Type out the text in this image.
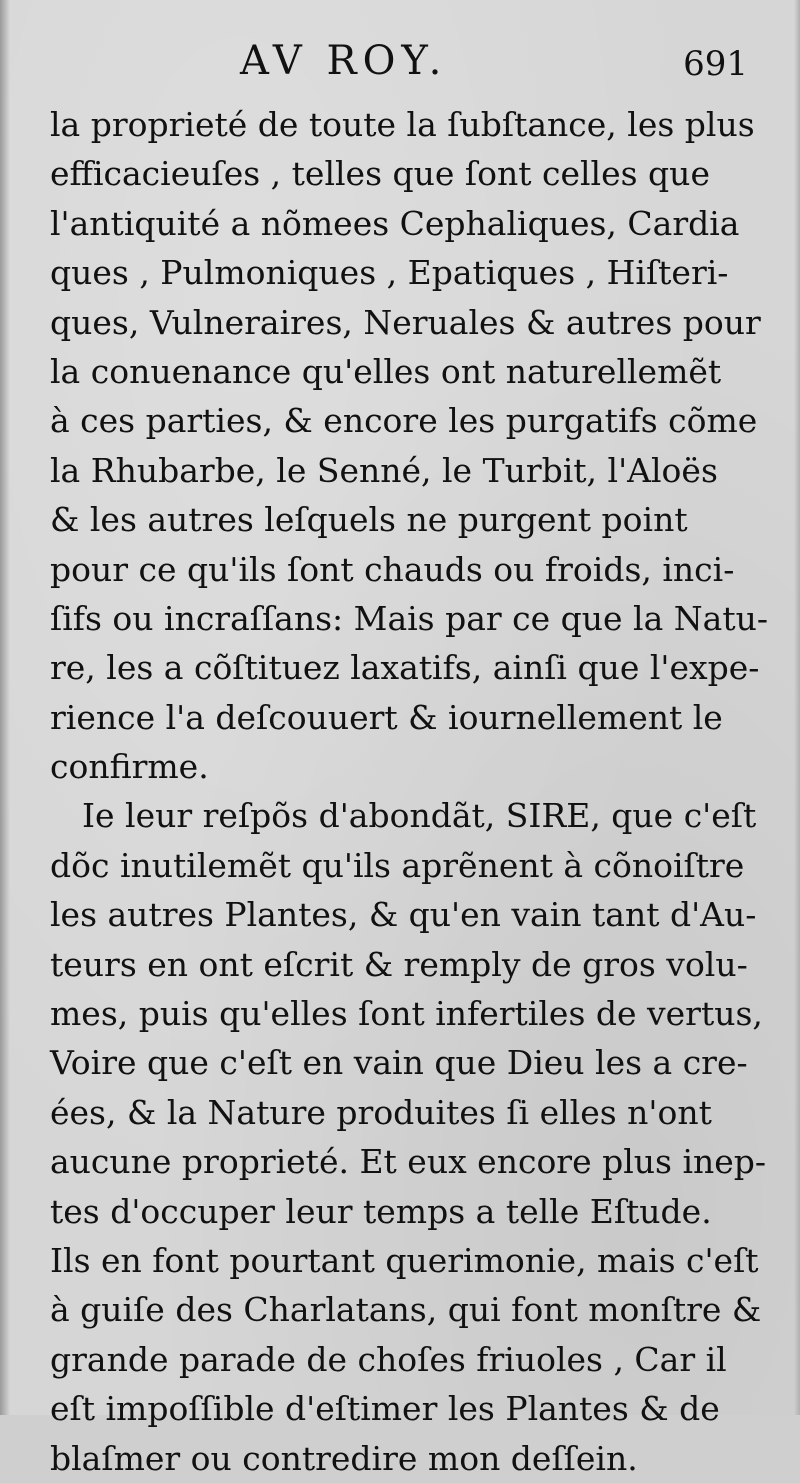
AV ROY.	691
la proprieté de toute la ſubſtance, les plus
efficacieuſes , telles que ſont celles que
l'antiquité a nõmees Cephaliques, Cardia
ques , Pulmoniques , Epatiques , Hiſteri-
ques, Vulneraires, Neruales & autres pour
la conuenance qu'elles ont naturellemẽt
à ces parties, & encore les purgatifs cõme
la Rhubarbe, le Senné, le Turbit, l'Aloës
& les autres leſquels ne purgent point
pour ce qu'ils ſont chauds ou froids, inci-
ſifs ou incraſſans: Mais par ce que la Natu-
re, les a cõſtituez laxatifs, ainſi que l'expe-
rience l'a deſcouuert & iournellement le
confirme.
Ie leur reſpõs d'abondãt, SIRE, que c'eſt
dõc inutilemẽt qu'ils aprẽnent à cõnoiſtre
les autres Plantes, & qu'en vain tant d'Au-
teurs en ont eſcrit & remply de gros volu-
mes, puis qu'elles ſont infertiles de vertus,
Voire que c'eſt en vain que Dieu les a cre-
ées, & la Nature produites ſi elles n'ont
aucune proprieté. Et eux encore plus inep-
tes d'occuper leur temps a telle Eſtude.
Ils en font pourtant querimonie, mais c'eſt
à guiſe des Charlatans, qui font monſtre &
grande parade de choſes friuoles , Car il
eſt impoſſible d'eſtimer les Plantes & de
blaſmer ou contredire mon deſſein.
